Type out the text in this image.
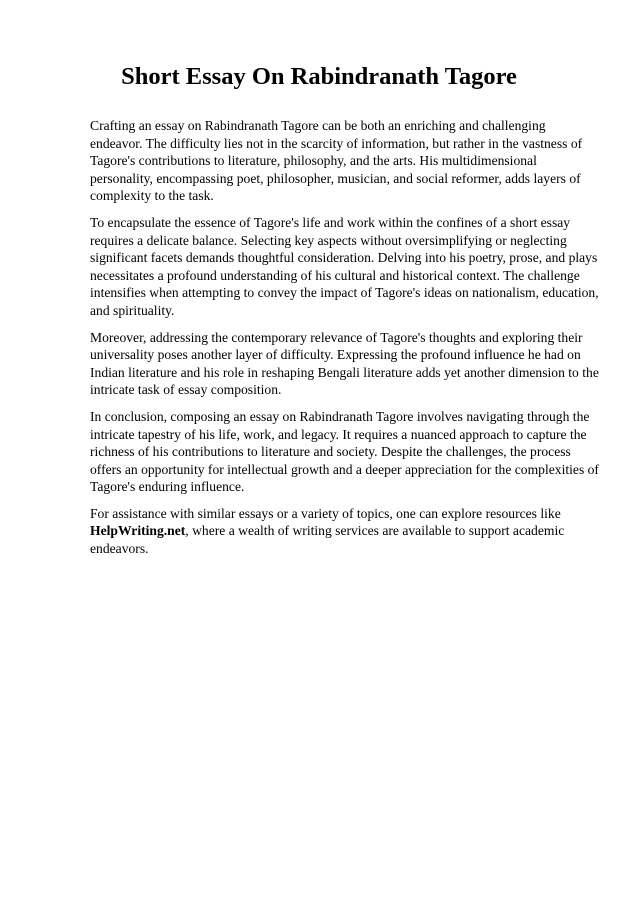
Short Essay On Rabindranath Tagore

Crafting an essay on Rabindranath Tagore can be both an enriching and challenging endeavor. The difficulty lies not in the scarcity of information, but rather in the vastness of Tagore's contributions to literature, philosophy, and the arts. His multidimensional personality, encompassing poet, philosopher, musician, and social reformer, adds layers of complexity to the task.

To encapsulate the essence of Tagore's life and work within the confines of a short essay requires a delicate balance. Selecting key aspects without oversimplifying or neglecting significant facets demands thoughtful consideration. Delving into his poetry, prose, and plays necessitates a profound understanding of his cultural and historical context. The challenge intensifies when attempting to convey the impact of Tagore's ideas on nationalism, education, and spirituality.

Moreover, addressing the contemporary relevance of Tagore's thoughts and exploring their universality poses another layer of difficulty. Expressing the profound influence he had on Indian literature and his role in reshaping Bengali literature adds yet another dimension to the intricate task of essay composition.

In conclusion, composing an essay on Rabindranath Tagore involves navigating through the intricate tapestry of his life, work, and legacy. It requires a nuanced approach to capture the richness of his contributions to literature and society. Despite the challenges, the process offers an opportunity for intellectual growth and a deeper appreciation for the complexities of Tagore's enduring influence.

For assistance with similar essays or a variety of topics, one can explore resources like HelpWriting.net, where a wealth of writing services are available to support academic endeavors.
